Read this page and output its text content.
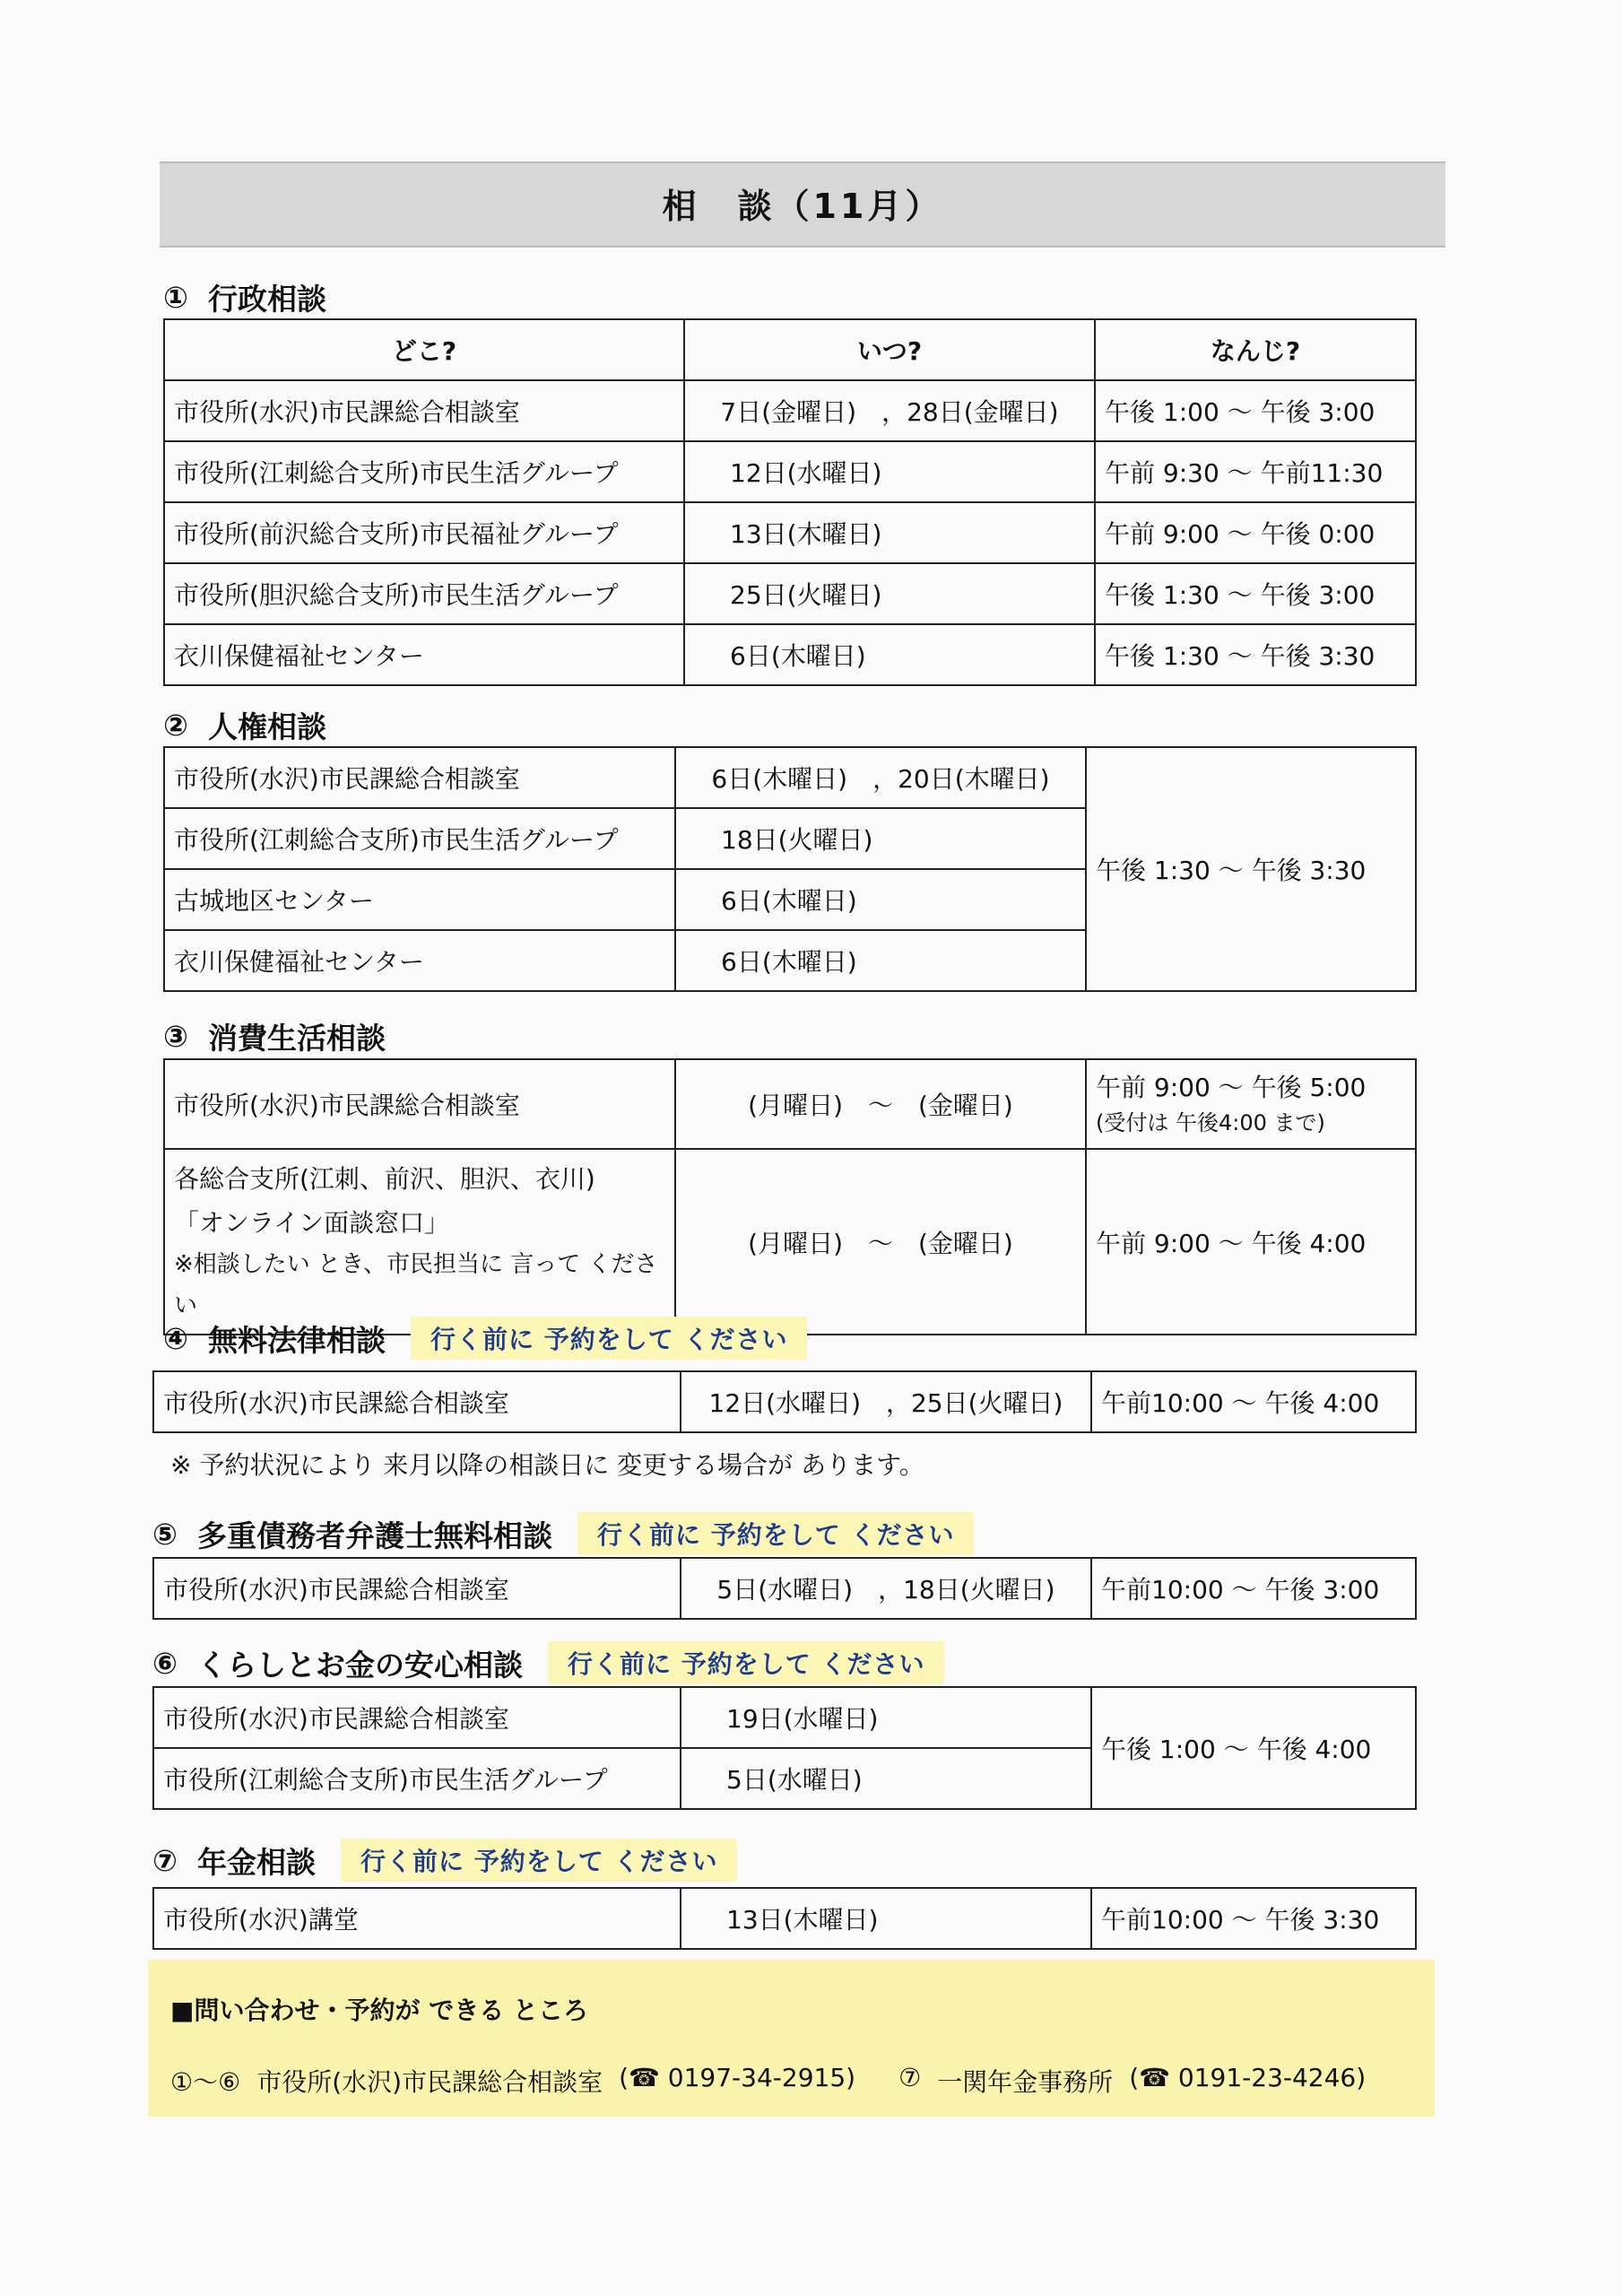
相　談（11月）
① 行政相談
どこ?	いつ?	なんじ?
市役所(水沢)市民課総合相談室	7日(金曜日)　，28日(金曜日)	午後 1:00 ～ 午後 3:00
市役所(江刺総合支所)市民生活グループ	12日(水曜日)	午前 9:30 ～ 午前11:30
市役所(前沢総合支所)市民福祉グループ	13日(木曜日)	午前 9:00 ～ 午後 0:00
市役所(胆沢総合支所)市民生活グループ	25日(火曜日)	午後 1:30 ～ 午後 3:00
衣川保健福祉センター	6日(木曜日)	午後 1:30 ～ 午後 3:30
② 人権相談
市役所(水沢)市民課総合相談室	6日(木曜日)　，20日(木曜日)	午後 1:30 ～ 午後 3:30
市役所(江刺総合支所)市民生活グループ	18日(火曜日)	
古城地区センター	6日(木曜日)	
衣川保健福祉センター	6日(木曜日)	
③ 消費生活相談
市役所(水沢)市民課総合相談室	(月曜日)　～　(金曜日)	午前 9:00 ～ 午後 5:00
(受付は 午後4:00 まで)

各総合支所(江刺、前沢、胆沢、衣川)
「オンライン面談窓口」
※相談したい とき、市民担当に 言って ください	(月曜日)　～　(金曜日)	午前 9:00 ～ 午後 4:00
④ 無料法律相談	行く前に 予約をして ください
市役所(水沢)市民課総合相談室	12日(水曜日)　，25日(火曜日)	午前10:00 ～ 午後 4:00
※ 予約状況により 来月以降の相談日に 変更する場合が あります。
⑤ 多重債務者弁護士無料相談	行く前に 予約をして ください
市役所(水沢)市民課総合相談室	5日(水曜日)　，18日(火曜日)	午前10:00 ～ 午後 3:00
⑥ くらしとお金の安心相談	行く前に 予約をして ください
市役所(水沢)市民課総合相談室	19日(水曜日)	午後 1:00 ～ 午後 4:00
市役所(江刺総合支所)市民生活グループ	5日(水曜日)	
⑦ 年金相談	行く前に 予約をして ください
市役所(水沢)講堂	13日(木曜日)	午前10:00 ～ 午後 3:30
■問い合わせ・予約が できる ところ
①～⑥ 市役所(水沢)市民課総合相談室 (☎ 0197-34-2915) ⑦ 一関年金事務所 (☎ 0191-23-4246)
